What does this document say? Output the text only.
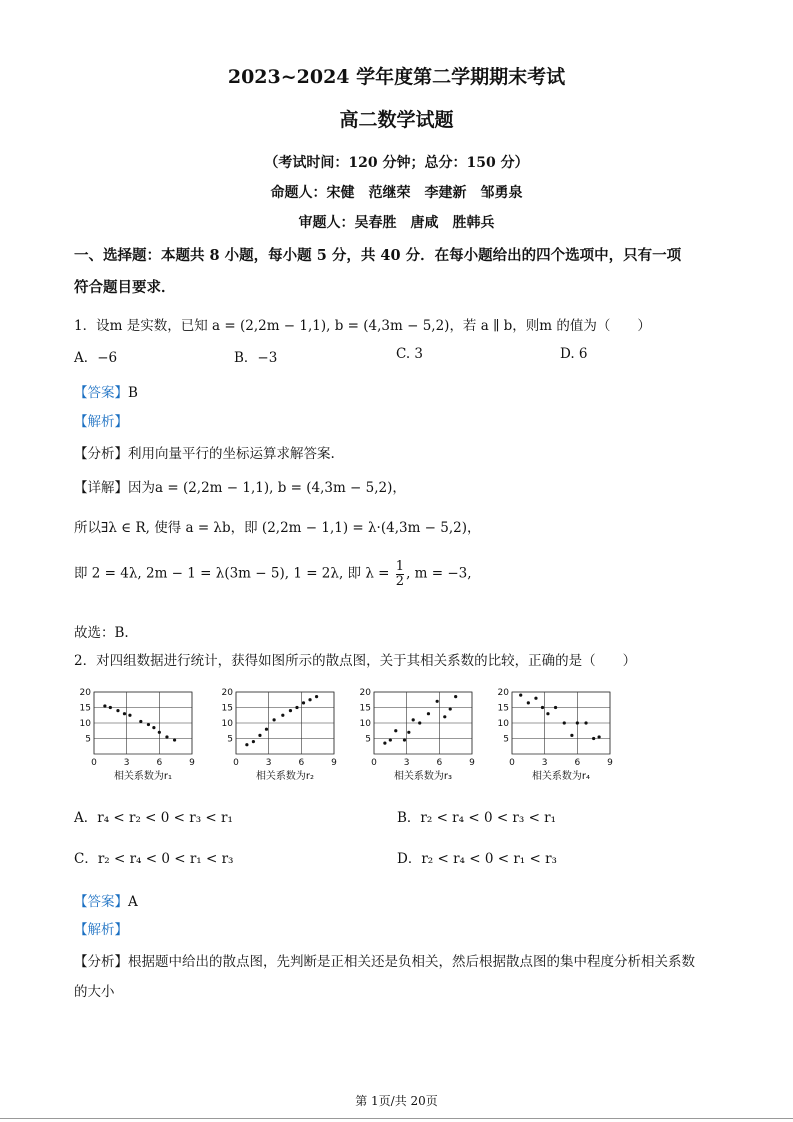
2023~2024 学年度第二学期期末考试
高二数学试题
（考试时间：120 分钟；总分：150 分）
命题人：宋健　范继荣　李建新　邹勇泉
审题人：吴春胜　唐咸　胜韩兵
一、选择题：本题共 8 小题，每小题 5 分，共 40 分．在每小题给出的四个选项中，只有一项
符合题目要求．
1．设m 是实数，已知 a = (2,2m − 1,1), b = (4,3m − 5,2)，若 a ∥ b，则m 的值为（　　）
A．−6	B．−3	C. 3	D. 6
【答案】B
【解析】
【分析】利用向量平行的坐标运算求解答案.
【详解】因为a = (2,2m − 1,1), b = (4,3m − 5,2)，
所以∃λ ∈ R, 使得 a = λb，即 (2,2m − 1,1) = λ·(4,3m − 5,2)，
即 2 = 4λ, 2m − 1 = λ(3m − 5), 1 = 2λ, 即 $\lambda = \frac{1}{2}$ , m = −3,
故选：B.
2．对四组数据进行统计，获得如图所示的散点图，关于其相关系数的比较，正确的是（　　）
5
10
15
20
0	3	6	9
相关系数为r₁
5
10
15
20
0	3	6	9
相关系数为r₂
5
10
15
20
0	3	6	9
相关系数为r₃
5
10
15
20
0	3	6	9
相关系数为r₄
A．r₄ < r₂ < 0 < r₃ < r₁	B．r₂ < r₄ < 0 < r₃ < r₁
C．r₂ < r₄ < 0 < r₁ < r₃	D．r₂ < r₄ < 0 < r₁ < r₃
【答案】A
【解析】
【分析】根据题中给出的散点图，先判断是正相关还是负相关，然后根据散点图的集中程度分析相关系数
的大小
第 1页/共 20页
